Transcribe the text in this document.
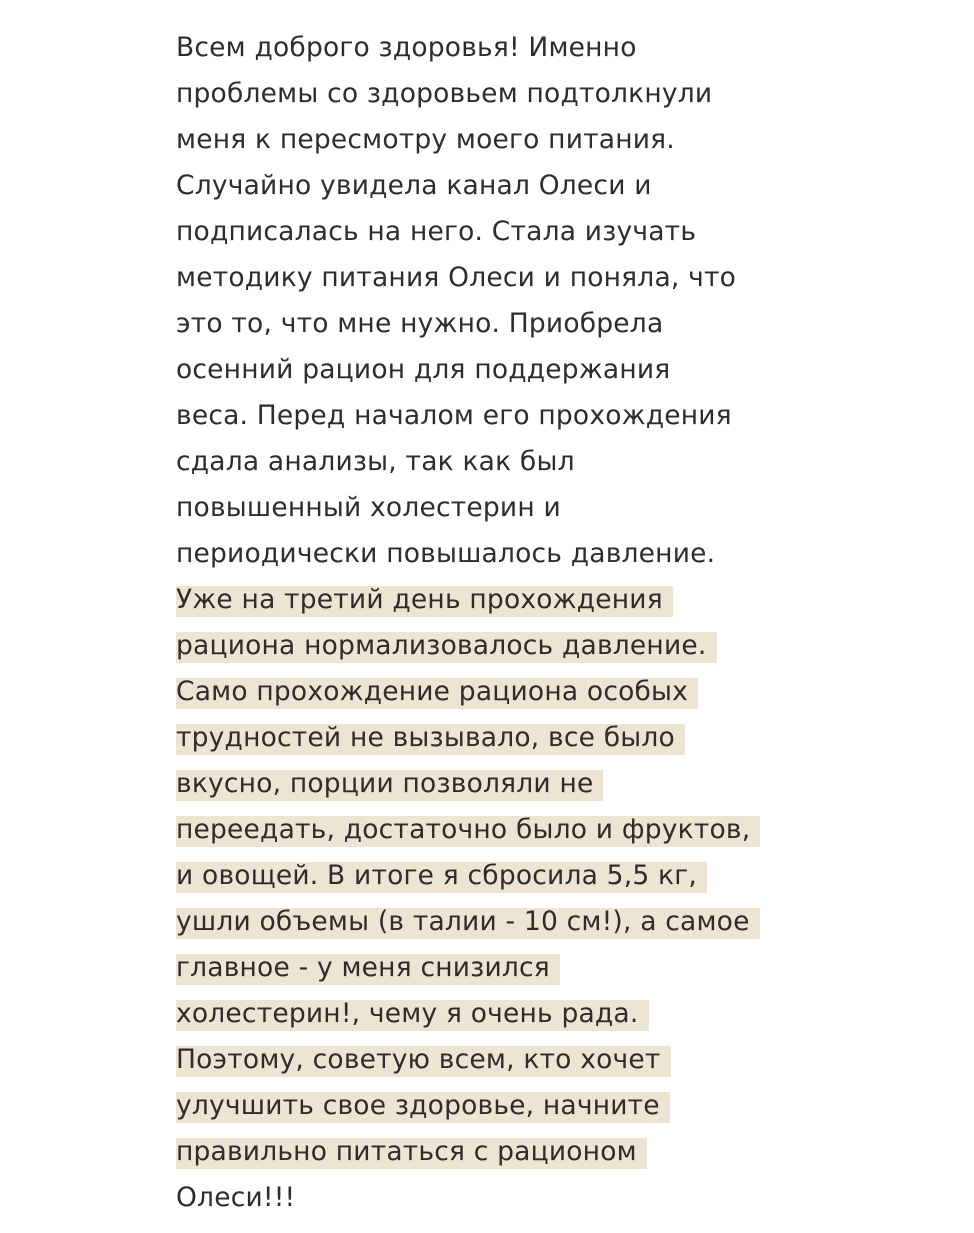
Всем доброго здоровья! Именно
проблемы со здоровьем подтолкнули
меня к пересмотру моего питания.
Случайно увидела канал Олеси и
подписалась на него. Стала изучать
методику питания Олеси и поняла, что
это то, что мне нужно. Приобрела
осенний рацион для поддержания
веса. Перед началом его прохождения
сдала анализы, так как был
повышенный холестерин и
периодически повышалось давление.
Уже на третий день прохождения
рациона нормализовалось давление.
Само прохождение рациона особых
трудностей не вызывало, все было
вкусно, порции позволяли не
переедать, достаточно было и фруктов,
и овощей. В итоге я сбросила 5,5 кг,
ушли объемы (в талии - 10 см!), а самое
главное - у меня снизился
холестерин!, чему я очень рада.
Поэтому, советую всем, кто хочет
улучшить свое здоровье, начните
правильно питаться с рационом
Олеси!!!
